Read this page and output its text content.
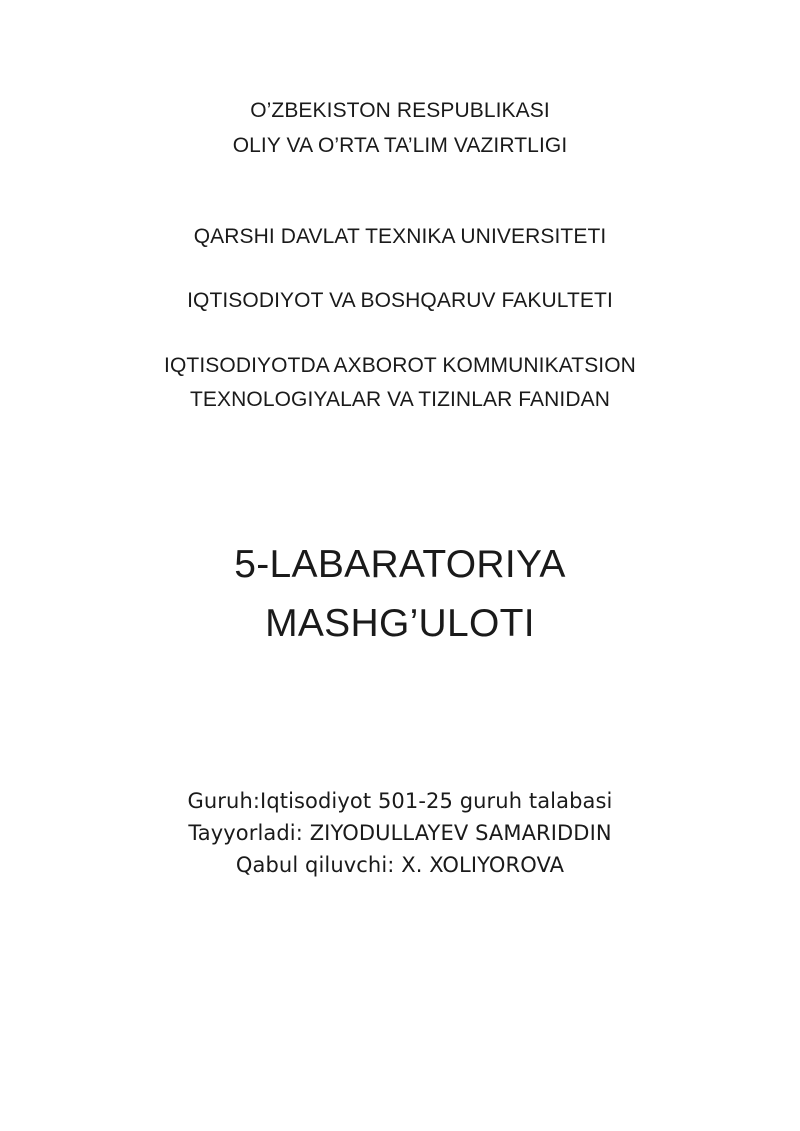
O’ZBEKISTON RESPUBLIKASI
OLIY VA O’RTA TA’LIM VAZIRTLIGI
QARSHI DAVLAT TEXNIKA UNIVERSITETI
IQTISODIYOT VA BOSHQARUV FAKULTETI
IQTISODIYOTDA AXBOROT KOMMUNIKATSION
TEXNOLOGIYALAR VA TIZINLAR FANIDAN
5-LABARATORIYA
MASHG’ULOTI
Guruh:Iqtisodiyot 501-25 guruh talabasi
Tayyorladi: ZIYODULLAYEV SAMARIDDIN
Qabul qiluvchi: X. XOLIYOROVA
